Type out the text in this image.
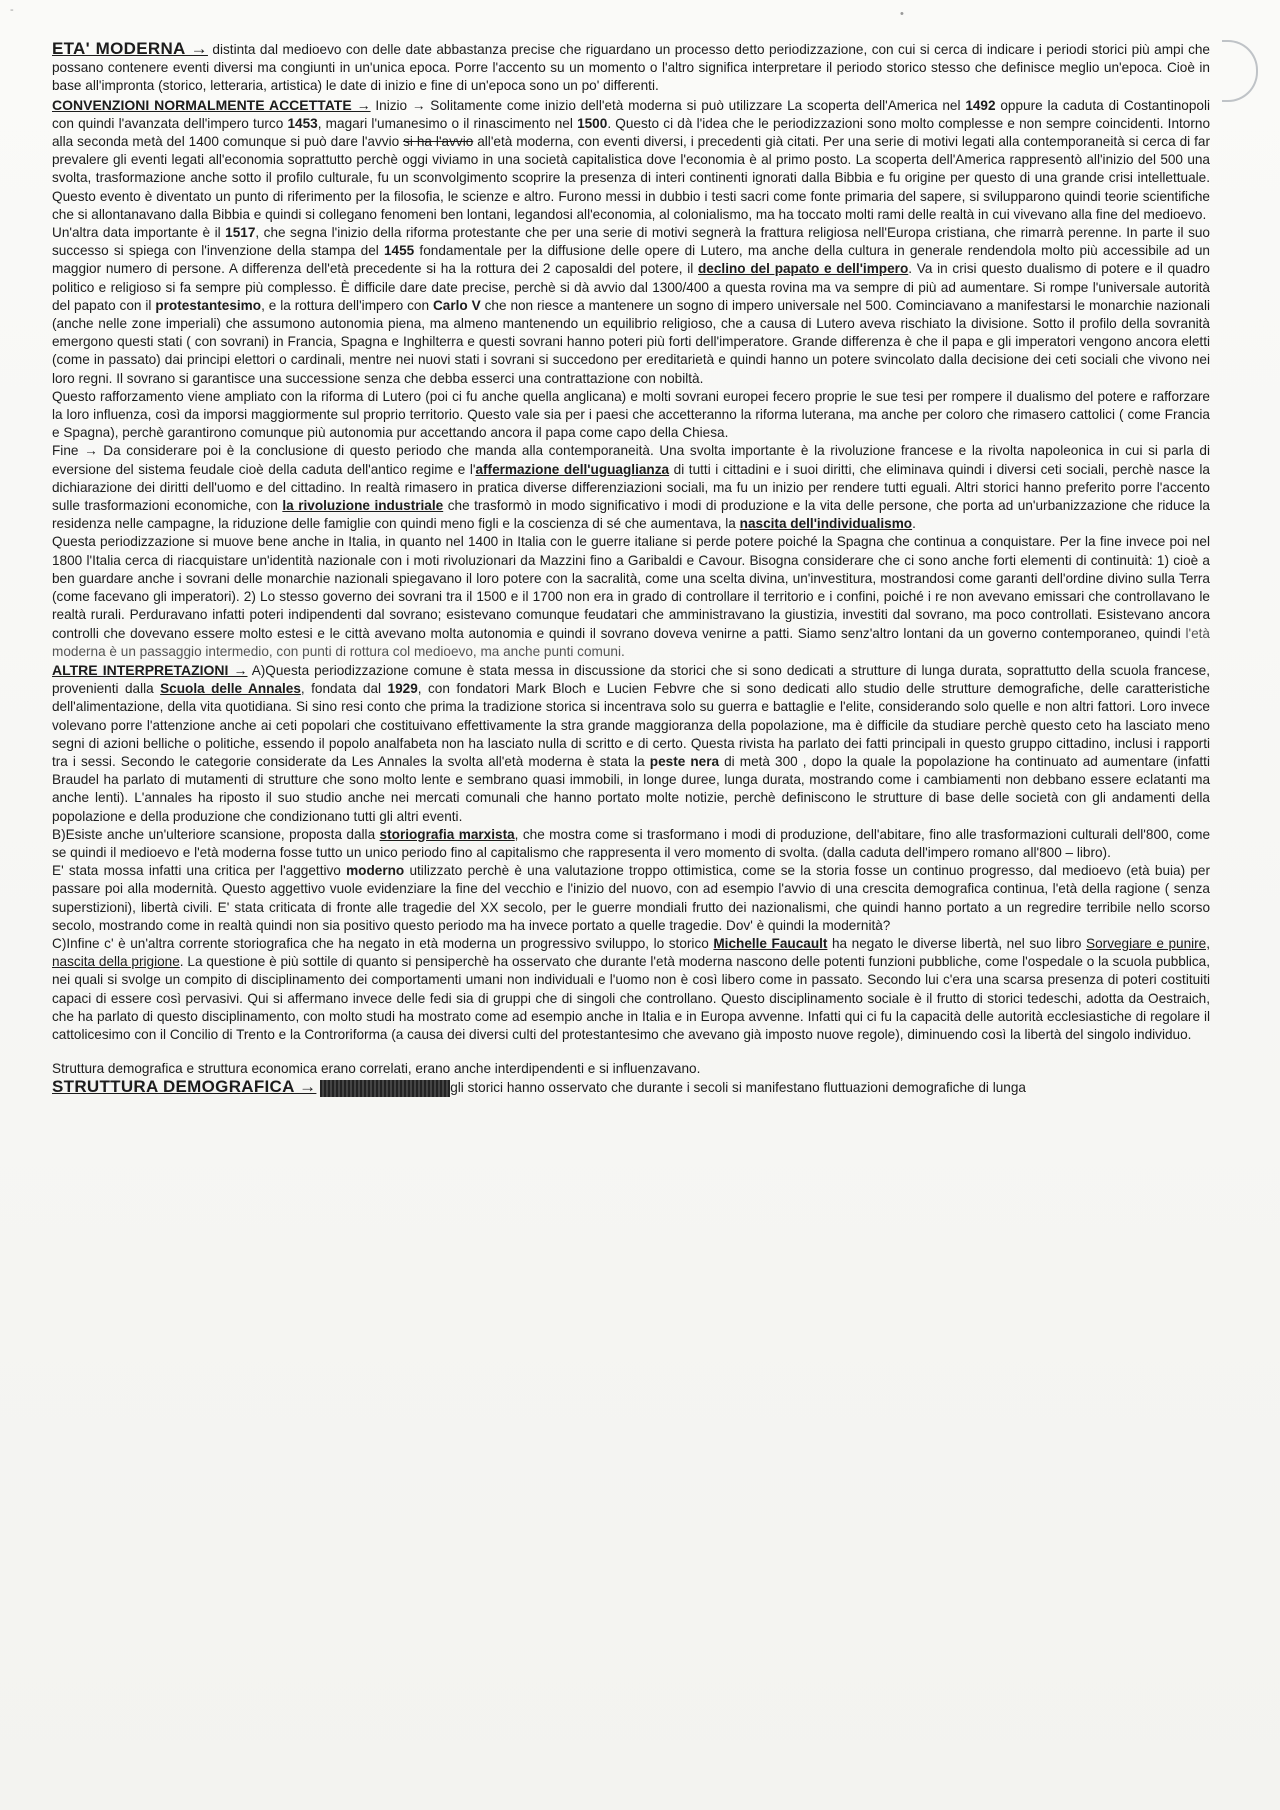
-	•

ETA' MODERNA → distinta dal medioevo con delle date abbastanza precise che riguardano un processo detto periodizzazione, con cui si cerca di indicare i periodi storici più ampi che possano contenere eventi diversi ma congiunti in un'unica epoca. Porre l'accento su un momento o l'altro significa interpretare il periodo storico stesso che definisce meglio un'epoca. Cioè in base all'impronta (storico, letteraria, artistica) le date di inizio e fine di un'epoca sono un po' differenti.

CONVENZIONI NORMALMENTE ACCETTATE → Inizio → Solitamente come inizio dell'età moderna si può utilizzare La scoperta dell'America nel 1492 oppure la caduta di Costantinopoli con quindi l'avanzata dell'impero turco 1453, magari l'umanesimo o il rinascimento nel 1500. Questo ci dà l'idea che le periodizzazioni sono molto complesse e non sempre coincidenti. Intorno alla seconda metà del 1400 comunque si può dare l'avvio si ha l'avvio all'età moderna, con eventi diversi, i precedenti già citati. Per una serie di motivi legati alla contemporaneità si cerca di far prevalere gli eventi legati all'economia soprattutto perchè oggi viviamo in una società capitalistica dove l'economia è al primo posto. La scoperta dell'America rappresentò all'inizio del 500 una svolta, trasformazione anche sotto il profilo culturale, fu un sconvolgimento scoprire la presenza di interi continenti ignorati dalla Bibbia e fu origine per questo di una grande crisi intellettuale. Questo evento è diventato un punto di riferimento per la filosofia, le scienze e altro. Furono messi in dubbio i testi sacri come fonte primaria del sapere, si svilupparono quindi teorie scientifiche che si allontanavano dalla Bibbia e quindi si collegano fenomeni ben lontani, legandosi all'economia, al colonialismo, ma ha toccato molti rami delle realtà in cui vivevano alla fine del medioevo.

Un'altra data importante è il 1517, che segna l'inizio della riforma protestante che per una serie di motivi segnerà la frattura religiosa nell'Europa cristiana, che rimarrà perenne. In parte il suo successo si spiega con l'invenzione della stampa del 1455 fondamentale per la diffusione delle opere di Lutero, ma anche della cultura in generale rendendola molto più accessibile ad un maggior numero di persone. A differenza dell'età precedente si ha la rottura dei 2 caposaldi del potere, il declino del papato e dell'impero. Va in crisi questo dualismo di potere e il quadro politico e religioso si fa sempre più complesso. È difficile dare date precise, perchè si dà avvio dal 1300/400 a questa rovina ma va sempre di più ad aumentare. Si rompe l'universale autorità del papato con il protestantesimo, e la rottura dell'impero con Carlo V che non riesce a mantenere un sogno di impero universale nel 500. Cominciavano a manifestarsi le monarchie nazionali (anche nelle zone imperiali) che assumono autonomia piena, ma almeno mantenendo un equilibrio religioso, che a causa di Lutero aveva rischiato la divisione. Sotto il profilo della sovranità emergono questi stati ( con sovrani) in Francia, Spagna e Inghilterra e questi sovrani hanno poteri più forti dell'imperatore. Grande differenza è che il papa e gli imperatori vengono ancora eletti (come in passato) dai principi elettori o cardinali, mentre nei nuovi stati i sovrani si succedono per ereditarietà e quindi hanno un potere svincolato dalla decisione dei ceti sociali che vivono nei loro regni. Il sovrano si garantisce una successione senza che debba esserci una contrattazione con nobiltà.

Questo rafforzamento viene ampliato con la riforma di Lutero (poi ci fu anche quella anglicana) e molti sovrani europei fecero proprie le sue tesi per rompere il dualismo del potere e rafforzare la loro influenza, così da imporsi maggiormente sul proprio territorio. Questo vale sia per i paesi che accetteranno la riforma luterana, ma anche per coloro che rimasero cattolici ( come Francia e Spagna), perchè garantirono comunque più autonomia pur accettando ancora il papa come capo della Chiesa.

Fine → Da considerare poi è la conclusione di questo periodo che manda alla contemporaneità. Una svolta importante è la rivoluzione francese e la rivolta napoleonica in cui si parla di eversione del sistema feudale cioè della caduta dell'antico regime e l'affermazione dell'uguaglianza di tutti i cittadini e i suoi diritti, che eliminava quindi i diversi ceti sociali, perchè nasce la dichiarazione dei diritti dell'uomo e del cittadino. In realtà rimasero in pratica diverse differenziazioni sociali, ma fu un inizio per rendere tutti eguali. Altri storici hanno preferito porre l'accento sulle trasformazioni economiche, con la rivoluzione industriale che trasformò in modo significativo i modi di produzione e la vita delle persone, che porta ad un'urbanizzazione che riduce la residenza nelle campagne, la riduzione delle famiglie con quindi meno figli e la coscienza di sé che aumentava, la nascita dell'individualismo.

Questa periodizzazione si muove bene anche in Italia, in quanto nel 1400 in Italia con le guerre italiane si perde potere poiché la Spagna che continua a conquistare. Per la fine invece poi nel 1800 l'Italia cerca di riacquistare un'identità nazionale con i moti rivoluzionari da Mazzini fino a Garibaldi e Cavour. Bisogna considerare che ci sono anche forti elementi di continuità: 1) cioè a ben guardare anche i sovrani delle monarchie nazionali spiegavano il loro potere con la sacralità, come una scelta divina, un'investitura, mostrandosi come garanti dell'ordine divino sulla Terra (come facevano gli imperatori). 2) Lo stesso governo dei sovrani tra il 1500 e il 1700 non era in grado di controllare il territorio e i confini, poiché i re non avevano emissari che controllavano le realtà rurali. Perduravano infatti poteri indipendenti dal sovrano; esistevano comunque feudatari che amministravano la giustizia, investiti dal sovrano, ma poco controllati. Esistevano ancora controlli che dovevano essere molto estesi e le città avevano molta autonomia e quindi il sovrano doveva venirne a patti. Siamo senz'altro lontani da un governo contemporaneo, quindi l'età moderna è un passaggio intermedio, con punti di rottura col medioevo, ma anche punti comuni.

ALTRE INTERPRETAZIONI → A)Questa periodizzazione comune è stata messa in discussione da storici che si sono dedicati a strutture di lunga durata, soprattutto della scuola francese, provenienti dalla Scuola delle Annales, fondata dal 1929, con fondatori Mark Bloch e Lucien Febvre che si sono dedicati allo studio delle strutture demografiche, delle caratteristiche dell'alimentazione, della vita quotidiana. Si sino resi conto che prima la tradizione storica si incentrava solo su guerra e battaglie e l'elite, considerando solo quelle e non altri fattori. Loro invece volevano porre l'attenzione anche ai ceti popolari che costituivano effettivamente la stra grande maggioranza della popolazione, ma è difficile da studiare perchè questo ceto ha lasciato meno segni di azioni belliche o politiche, essendo il popolo analfabeta non ha lasciato nulla di scritto e di certo. Questa rivista ha parlato dei fatti principali in questo gruppo cittadino, inclusi i rapporti tra i sessi. Secondo le categorie considerate da Les Annales la svolta all'età moderna è stata la peste nera di metà 300 , dopo la quale la popolazione ha continuato ad aumentare (infatti Braudel ha parlato di mutamenti di strutture che sono molto lente e sembrano quasi immobili, in longe duree, lunga durata, mostrando come i cambiamenti non debbano essere eclatanti ma anche lenti). L'annales ha riposto il suo studio anche nei mercati comunali che hanno portato molte notizie, perchè definiscono le strutture di base delle società con gli andamenti della popolazione e della produzione che condizionano tutti gli altri eventi.

B)Esiste anche un'ulteriore scansione, proposta dalla storiografia marxista, che mostra come si trasformano i modi di produzione, dell'abitare, fino alle trasformazioni culturali dell'800, come se quindi il medioevo e l'età moderna fosse tutto un unico periodo fino al capitalismo che rappresenta il vero momento di svolta. (dalla caduta dell'impero romano all'800 – libro).

E' stata mossa infatti una critica per l'aggettivo moderno utilizzato perchè è una valutazione troppo ottimistica, come se la storia fosse un continuo progresso, dal medioevo (età buia) per passare poi alla modernità. Questo aggettivo vuole evidenziare la fine del vecchio e l'inizio del nuovo, con ad esempio l'avvio di una crescita demografica continua, l'età della ragione ( senza superstizioni), libertà civili. E' stata criticata di fronte alle tragedie del XX secolo, per le guerre mondiali frutto dei nazionalismi, che quindi hanno portato a un regredire terribile nello scorso secolo, mostrando come in realtà quindi non sia positivo questo periodo ma ha invece portato a quelle tragedie. Dov' è quindi la modernità?

C)Infine c' è un'altra corrente storiografica che ha negato in età moderna un progressivo sviluppo, lo storico Michelle Faucault ha negato le diverse libertà, nel suo libro Sorvegiare e punire, nascita della prigione. La questione è più sottile di quanto si pensiperchè ha osservato che durante l'età moderna nascono delle potenti funzioni pubbliche, come l'ospedale o la scuola pubblica, nei quali si svolge un compito di disciplinamento dei comportamenti umani non individuali e l'uomo non è così libero come in passato. Secondo lui c'era una scarsa presenza di poteri costituiti capaci di essere così pervasivi. Qui si affermano invece delle fedi sia di gruppi che di singoli che controllano. Questo disciplinamento sociale è il frutto di storici tedeschi, adotta da Oestraich, che ha parlato di questo disciplinamento, con molto studi ha mostrato come ad esempio anche in Italia e in Europa avvenne. Infatti qui ci fu la capacità delle autorità ecclesiastiche di regolare il cattolicesimo con il Concilio di Trento e la Controriforma (a causa dei diversi culti del protestantesimo che avevano già imposto nuove regole), diminuendo così la libertà del singolo individuo.

Struttura demografica e struttura economica erano correlati, erano anche interdipendenti e si influenzavano.

STRUTTURA DEMOGRAFICA →	gli storici hanno osservato che durante i secoli si manifestano fluttuazioni demografiche di lunga
